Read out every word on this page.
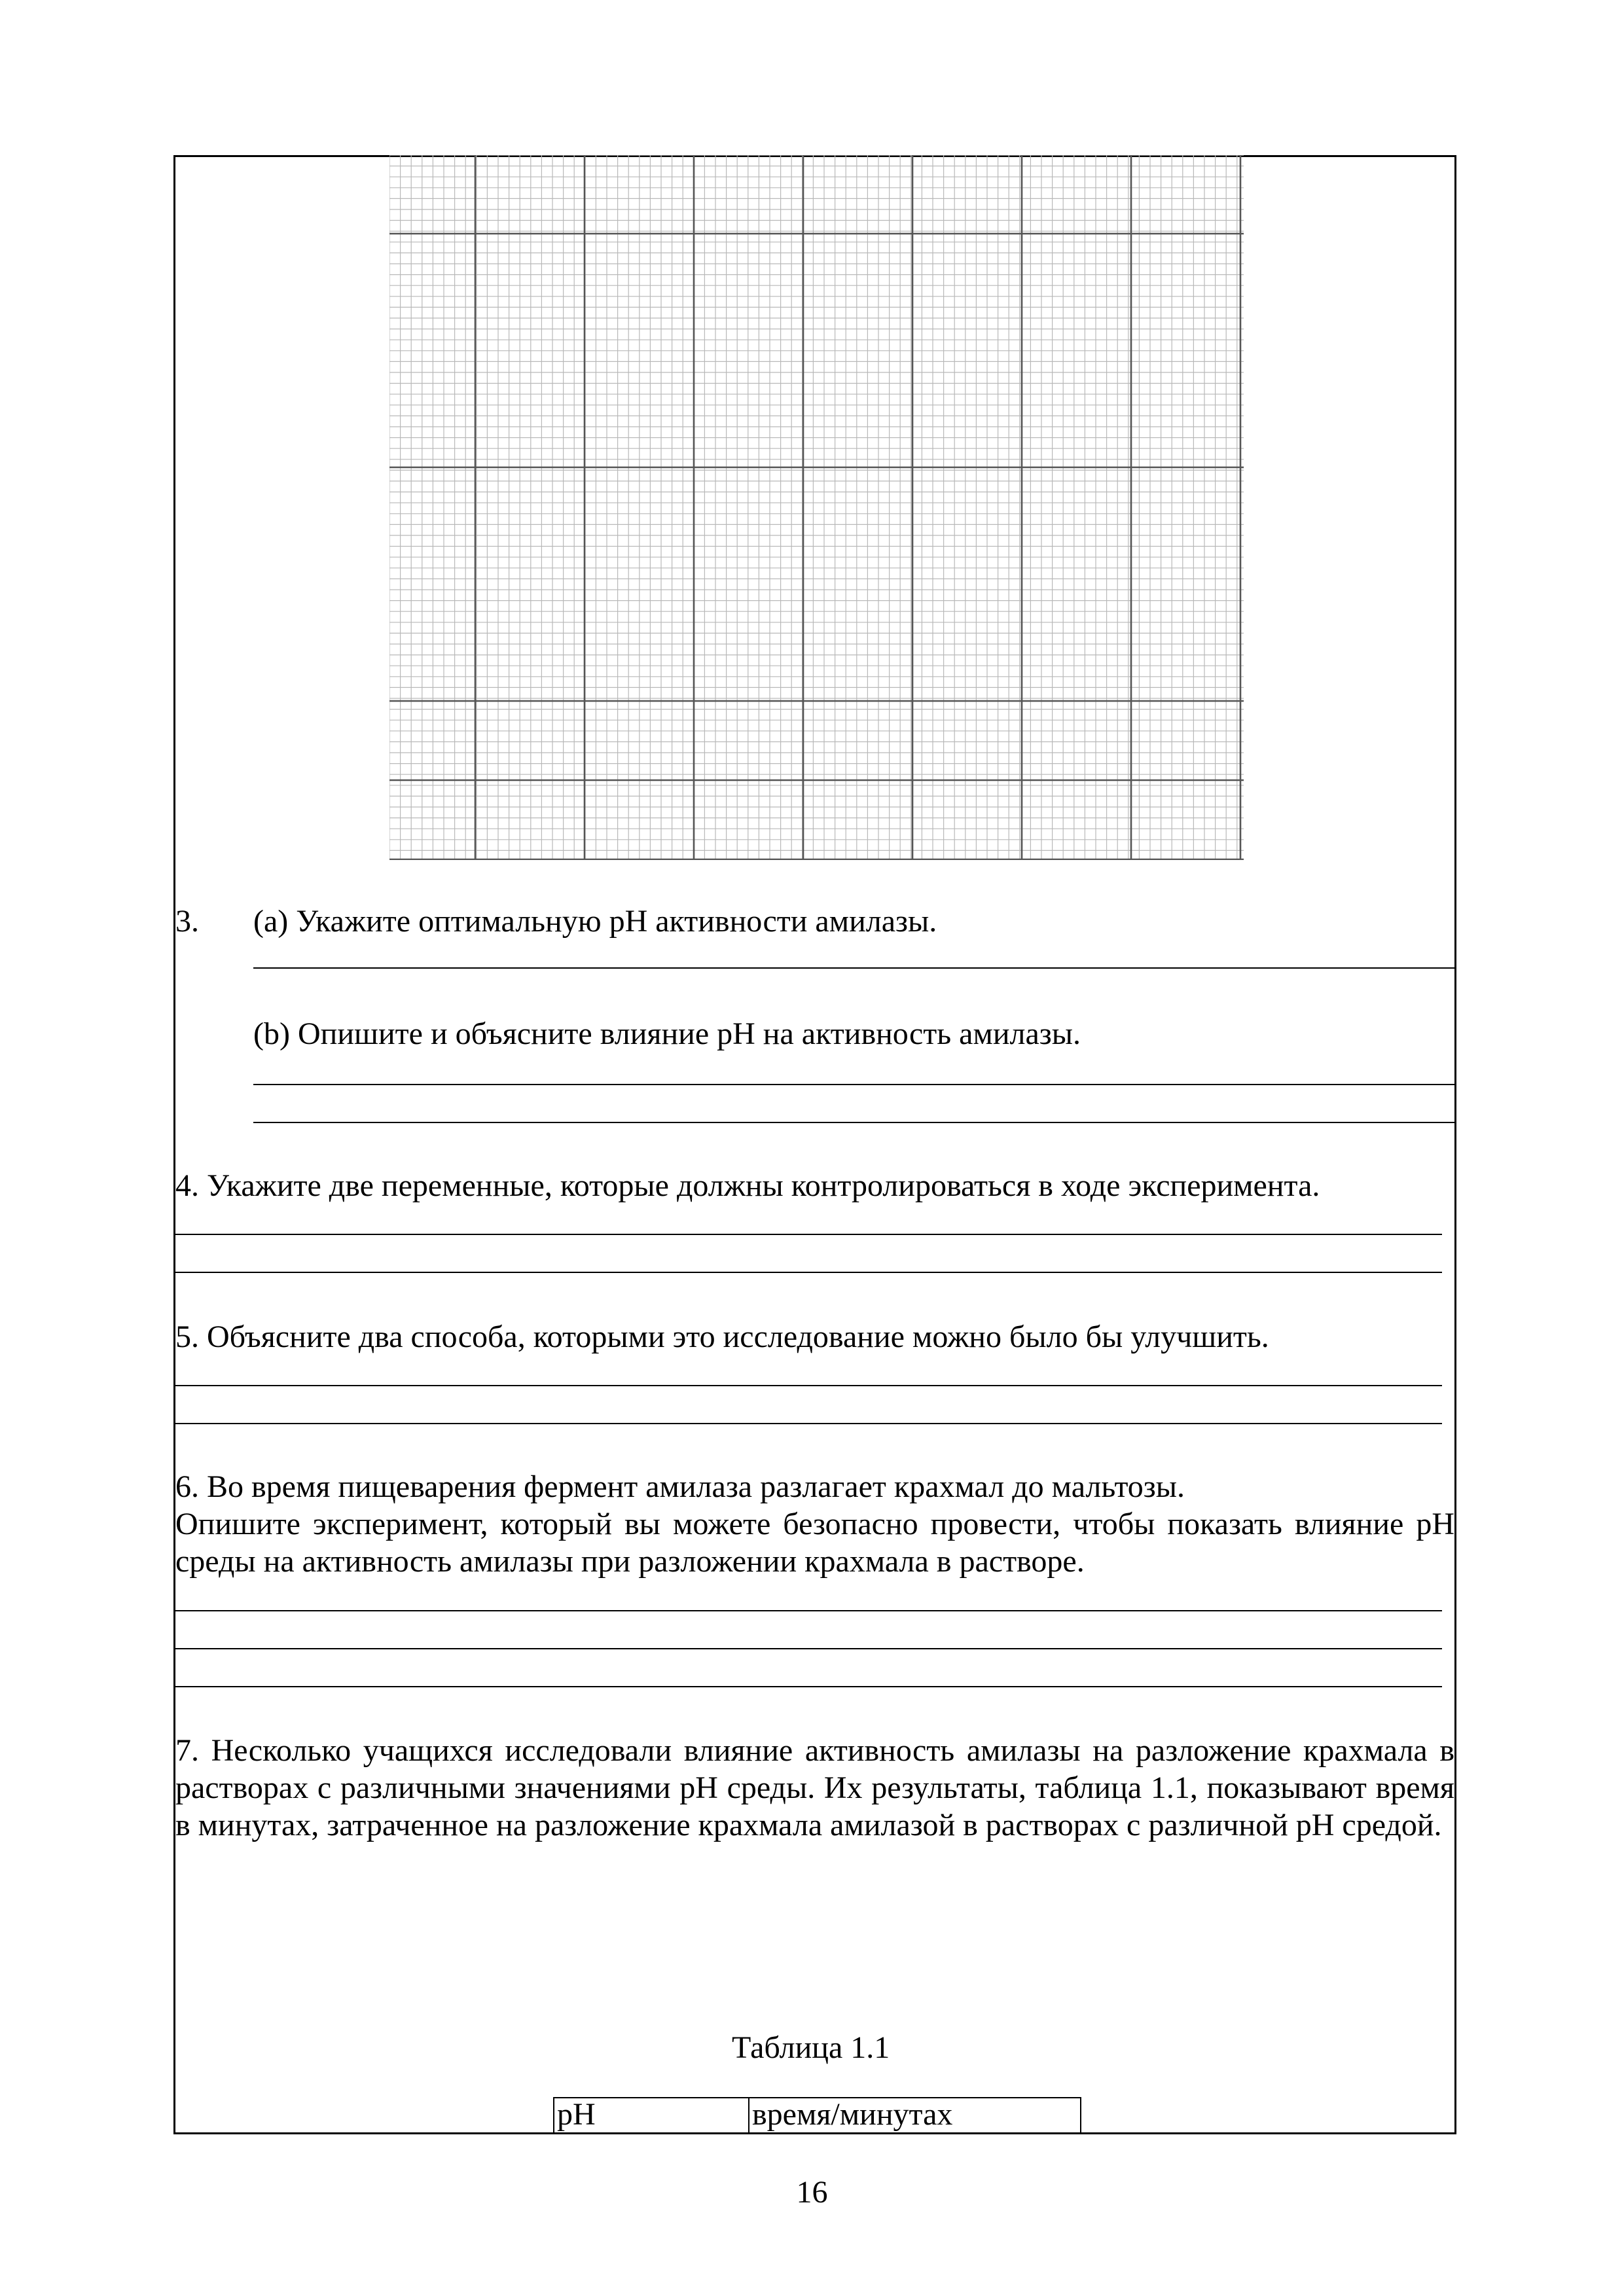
3. (a) Укажите оптимальную рН активности амилазы.
(b) Опишите и объясните влияние рН на активность амилазы.
4. Укажите две переменные, которые должны контролироваться в ходе эксперимента.
5. Объясните два способа, которыми это исследование можно было бы улучшить.
6. Во время пищеварения фермент амилаза разлагает крахмал до мальтозы.
Опишите эксперимент, который вы можете безопасно провести, чтобы показать влияние рН среды на активность амилазы при разложении крахмала в растворе.
7. Несколько учащихся исследовали влияние активность амилазы на разложение крахмала в растворах с различными значениями рН среды. Их результаты, таблица 1.1, показывают время в минутах, затраченное на разложение крахмала амилазой в растворах с различной рН средой.
Таблица 1.1
рН	время/минутах
16
